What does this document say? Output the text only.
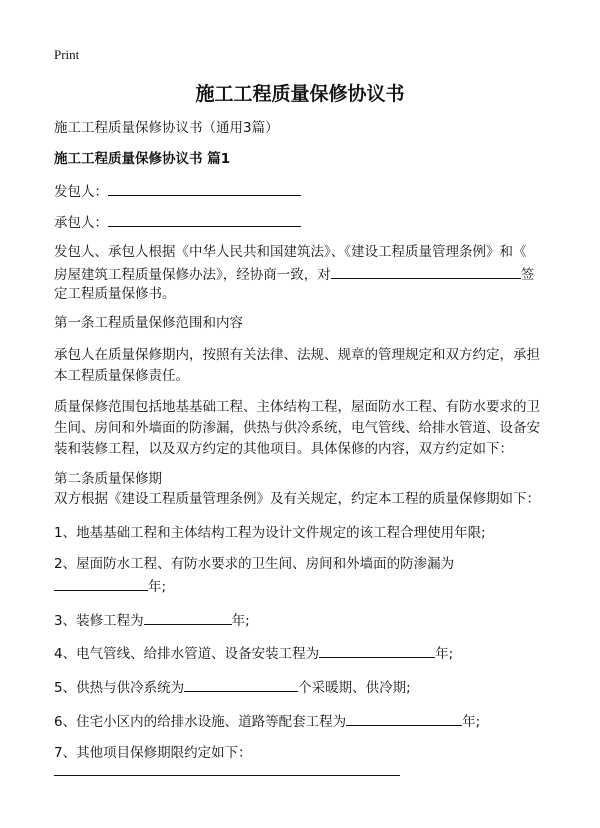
Print
施工工程质量保修协议书
施工工程质量保修协议书（通用3篇）
施工工程质量保修协议书 篇1
发包人：
承包人：
发包人、承包人根据《中华人民共和国建筑法》、《建设工程质量管理条例》和《
房屋建筑工程质量保修办法》，经协商一致，对	签
定工程质量保修书。
第一条工程质量保修范围和内容
承包人在质量保修期内，按照有关法律、法规、规章的管理规定和双方约定，承担
本工程质量保修责任。
质量保修范围包括地基基础工程、主体结构工程，屋面防水工程、有防水要求的卫
生间、房间和外墙面的防渗漏，供热与供冷系统，电气管线、给排水管道、设备安
装和装修工程，以及双方约定的其他项目。具体保修的内容，双方约定如下：
第二条质量保修期
双方根据《建设工程质量管理条例》及有关规定，约定本工程的质量保修期如下：
1、地基基础工程和主体结构工程为设计文件规定的该工程合理使用年限;
2、屋面防水工程、有防水要求的卫生间、房间和外墙面的防渗漏为
年;
3、装修工程为	年;
4、电气管线、给排水管道、设备安装工程为	年;
5、供热与供冷系统为	个采暖期、供冷期;
6、住宅小区内的给排水设施、道路等配套工程为	年;
7、其他项目保修期限约定如下：
